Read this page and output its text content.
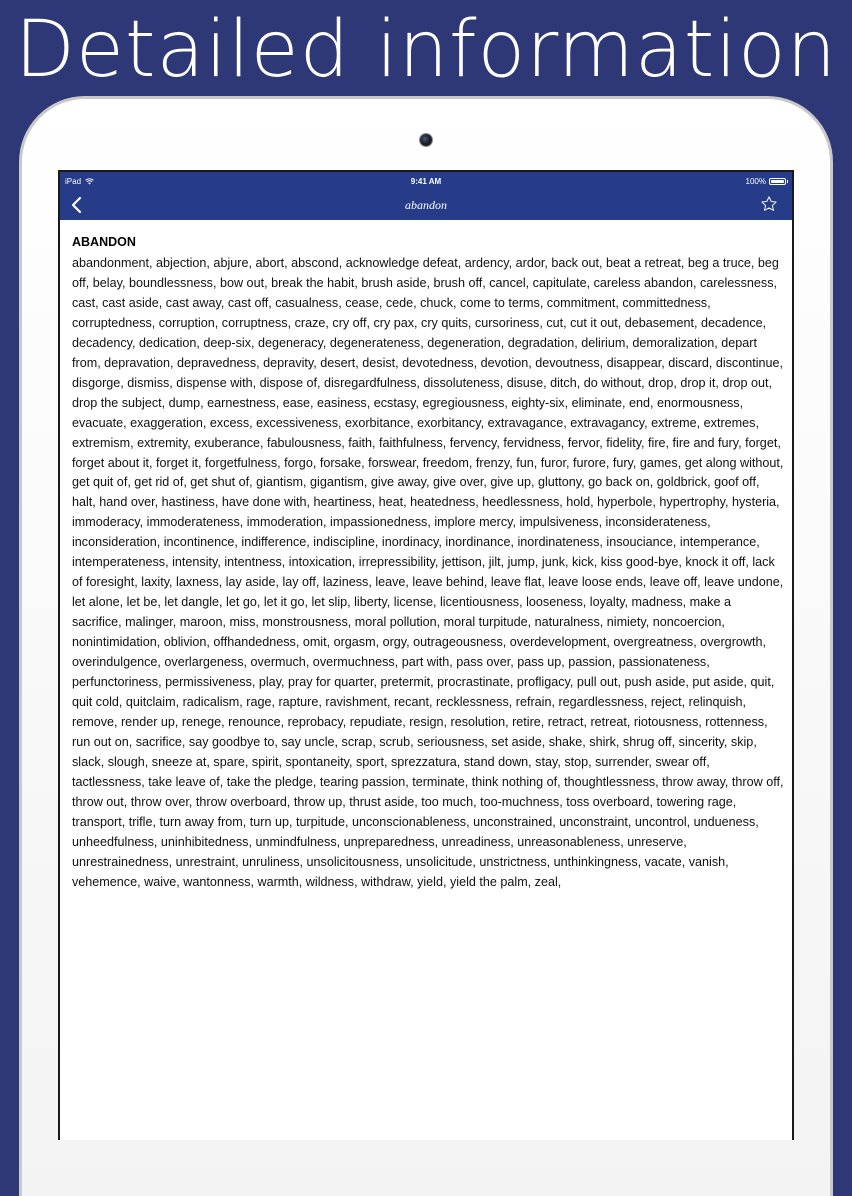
Detailed information
iPad	9:41 AM	100%
abandon
ABANDON

abandonment, abjection, abjure, abort, abscond, acknowledge defeat, ardency, ardor, back out, beat a retreat, beg a truce, beg off, belay, boundlessness, bow out, break the habit, brush aside, brush off, cancel, capitulate, careless abandon, carelessness, cast, cast aside, cast away, cast off, casualness, cease, cede, chuck, come to terms, commitment, committedness, corruptedness, corruption, corruptness, craze, cry off, cry pax, cry quits, cursoriness, cut, cut it out, debasement, decadence, decadency, dedication, deep-six, degeneracy, degenerateness, degeneration, degradation, delirium, demoralization, depart from, depravation, depravedness, depravity, desert, desist, devotedness, devotion, devoutness, disappear, discard, discontinue, disgorge, dismiss, dispense with, dispose of, disregardfulness, dissoluteness, disuse, ditch, do without, drop, drop it, drop out, drop the subject, dump, earnestness, ease, easiness, ecstasy, egregiousness, eighty-six, eliminate, end, enormousness, evacuate, exaggeration, excess, excessiveness, exorbitance, exorbitancy, extravagance, extravagancy, extreme, extremes, extremism, extremity, exuberance, fabulousness, faith, faithfulness, fervency, fervidness, fervor, fidelity, fire, fire and fury, forget, forget about it, forget it, forgetfulness, forgo, forsake, forswear, freedom, frenzy, fun, furor, furore, fury, games, get along without, get quit of, get rid of, get shut of, giantism, gigantism, give away, give over, give up, gluttony, go back on, goldbrick, goof off, halt, hand over, hastiness, have done with, heartiness, heat, heatedness, heedlessness, hold, hyperbole, hypertrophy, hysteria, immoderacy, immoderateness, immoderation, impassionedness, implore mercy, impulsiveness, inconsiderateness, inconsideration, incontinence, indifference, indiscipline, inordinacy, inordinance, inordinateness, insouciance, intemperance, intemperateness, intensity, intentness, intoxication, irrepressibility, jettison, jilt, jump, junk, kick, kiss good-bye, knock it off, lack of foresight, laxity, laxness, lay aside, lay off, laziness, leave, leave behind, leave flat, leave loose ends, leave off, leave undone, let alone, let be, let dangle, let go, let it go, let slip, liberty, license, licentiousness, looseness, loyalty, madness, make a sacrifice, malinger, maroon, miss, monstrousness, moral pollution, moral turpitude, naturalness, nimiety, noncoercion, nonintimidation, oblivion, offhandedness, omit, orgasm, orgy, outrageousness, overdevelopment, overgreatness, overgrowth, overindulgence, overlargeness, overmuch, overmuchness, part with, pass over, pass up, passion, passionateness, perfunctoriness, permissiveness, play, pray for quarter, pretermit, procrastinate, profligacy, pull out, push aside, put aside, quit, quit cold, quitclaim, radicalism, rage, rapture, ravishment, recant, recklessness, refrain, regardlessness, reject, relinquish, remove, render up, renege, renounce, reprobacy, repudiate, resign, resolution, retire, retract, retreat, riotousness, rottenness, run out on, sacrifice, say goodbye to, say uncle, scrap, scrub, seriousness, set aside, shake, shirk, shrug off, sincerity, skip, slack, slough, sneeze at, spare, spirit, spontaneity, sport, sprezzatura, stand down, stay, stop, surrender, swear off, tactlessness, take leave of, take the pledge, tearing passion, terminate, think nothing of, thoughtlessness, throw away, throw off, throw out, throw over, throw overboard, throw up, thrust aside, too much, too-muchness, toss overboard, towering rage, transport, trifle, turn away from, turn up, turpitude, unconscionableness, unconstrained, unconstraint, uncontrol, undueness, unheedfulness, uninhibitedness, unmindfulness, unpreparedness, unreadiness, unreasonableness, unreserve, unrestrainedness, unrestraint, unruliness, unsolicitousness, unsolicitude, unstrictness, unthinkingness, vacate, vanish, vehemence, waive, wantonness, warmth, wildness, withdraw, yield, yield the palm, zeal,
